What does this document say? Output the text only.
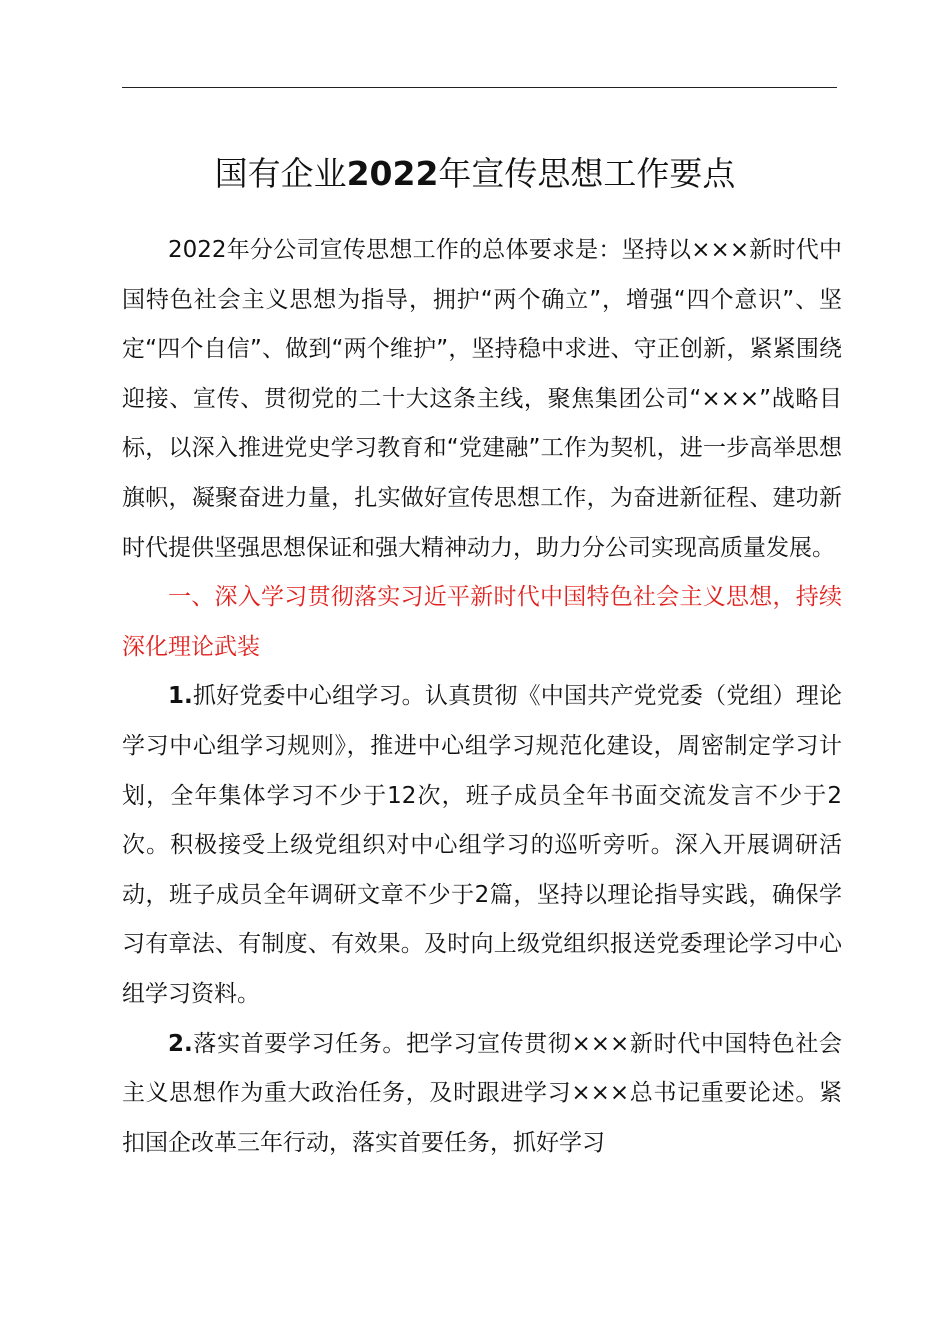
国有企业2022年宣传思想工作要点

2022年分公司宣传思想工作的总体要求是：坚持以×××新时代中国特色社会主义思想为指导，拥护“两个确立”，增强“四个意识”、坚定“四个自信”、做到“两个维护”，坚持稳中求进、守正创新，紧紧围绕迎接、宣传、贯彻党的二十大这条主线，聚焦集团公司“×××”战略目标，以深入推进党史学习教育和“党建融”工作为契机，进一步高举思想旗帜，凝聚奋进力量，扎实做好宣传思想工作，为奋进新征程、建功新时代提供坚强思想保证和强大精神动力，助力分公司实现高质量发展。

一、深入学习贯彻落实习近平新时代中国特色社会主义思想，持续深化理论武装

1.抓好党委中心组学习。认真贯彻《中国共产党党委（党组）理论学习中心组学习规则》，推进中心组学习规范化建设，周密制定学习计划，全年集体学习不少于12次，班子成员全年书面交流发言不少于2次。积极接受上级党组织对中心组学习的巡听旁听。深入开展调研活动，班子成员全年调研文章不少于2篇，坚持以理论指导实践，确保学习有章法、有制度、有效果。及时向上级党组织报送党委理论学习中心组学习资料。

2.落实首要学习任务。把学习宣传贯彻×××新时代中国特色社会主义思想作为重大政治任务，及时跟进学习×××总书记重要论述。紧扣国企改革三年行动，落实首要任务，抓好学习
